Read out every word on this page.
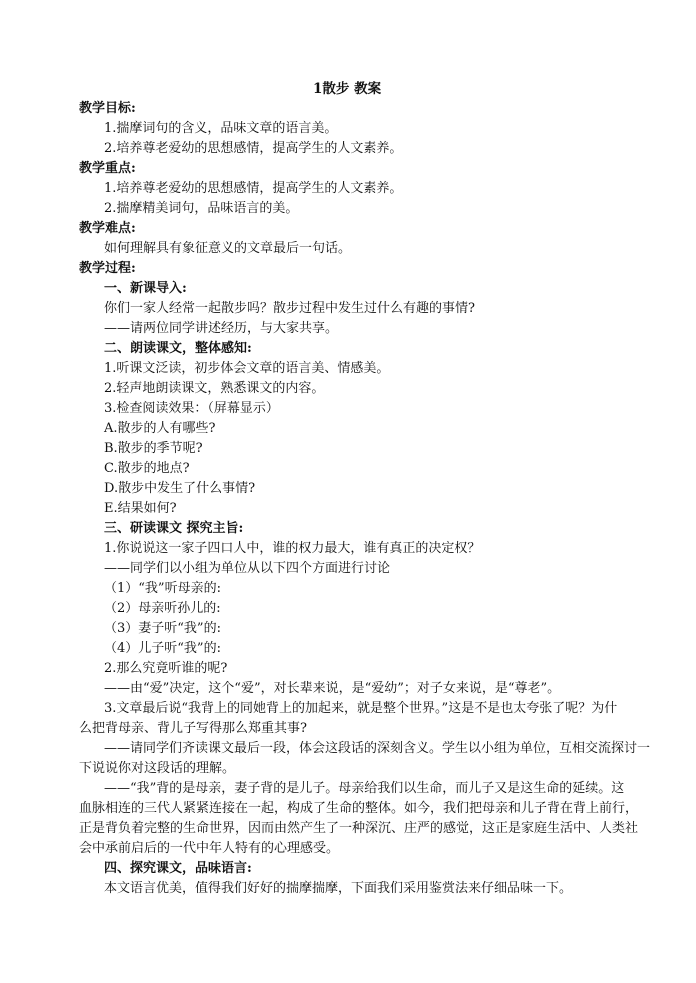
1散步 教案
教学目标:
1.揣摩词句的含义，品味文章的语言美。
2.培养尊老爱幼的思想感情，提高学生的人文素养。
教学重点:
1.培养尊老爱幼的思想感情，提高学生的人文素养。
2.揣摩精美词句，品味语言的美。
教学难点:
如何理解具有象征意义的文章最后一句话。
教学过程:
一、新课导入:
你们一家人经常一起散步吗？散步过程中发生过什么有趣的事情?
——请两位同学讲述经历，与大家共享。
二、朗读课文，整体感知:
1.听课文泛读，初步体会文章的语言美、情感美。
2.轻声地朗读课文，熟悉课文的内容。
3.检查阅读效果：（屏幕显示）
A.散步的人有哪些?
B.散步的季节呢?
C.散步的地点?
D.散步中发生了什么事情?
E.结果如何?
三、研读课文 探究主旨:
1.你说说这一家子四口人中，谁的权力最大，谁有真正的决定权？
——同学们以小组为单位从以下四个方面进行讨论
（1）“我”听母亲的:
（2）母亲听孙儿的:
（3）妻子听“我”的:
（4）儿子听“我”的:
2.那么究竟听谁的呢?
——由“爱”决定，这个“爱”，对长辈来说，是“爱幼”；对子女来说，是“尊老”。
3.文章最后说“我背上的同她背上的加起来，就是整个世界。”这是不是也太夸张了呢？为什
么把背母亲、背儿子写得那么郑重其事?
——请同学们齐读课文最后一段，体会这段话的深刻含义。学生以小组为单位，互相交流探讨一
下说说你对这段话的理解。
——“我”背的是母亲，妻子背的是儿子。母亲给我们以生命，而儿子又是这生命的延续。这
血脉相连的三代人紧紧连接在一起，构成了生命的整体。如今，我们把母亲和儿子背在背上前行，
正是背负着完整的生命世界，因而由然产生了一种深沉、庄严的感觉，这正是家庭生活中、人类社
会中承前启后的一代中年人特有的心理感受。
四、探究课文，品味语言:
本文语言优美，值得我们好好的揣摩揣摩，下面我们采用鉴赏法来仔细品味一下。
